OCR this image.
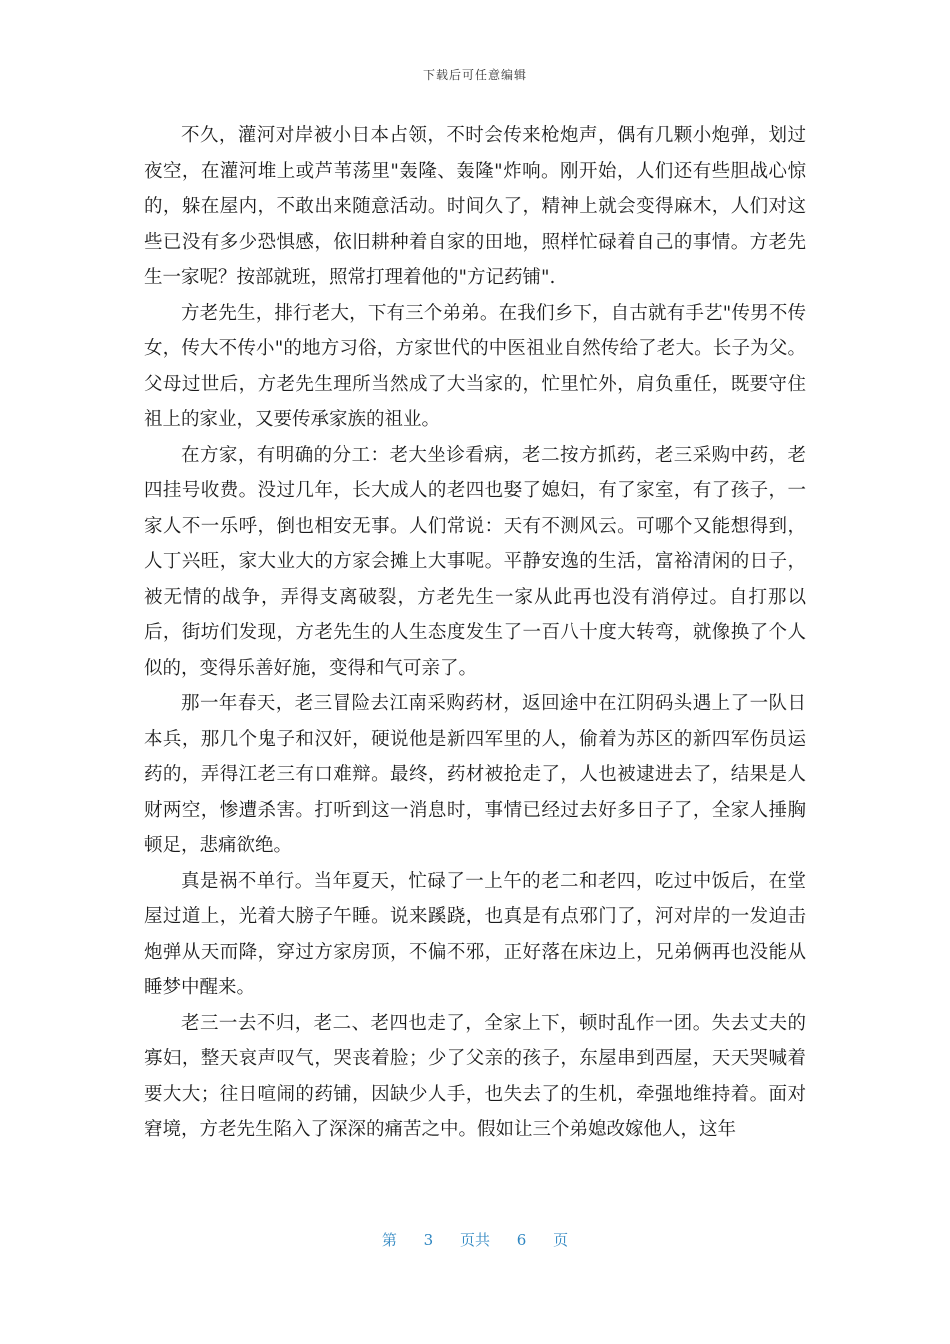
下载后可任意编辑

不久，灌河对岸被小日本占领，不时会传来枪炮声，偶有几颗小炮弹，划过夜空，在灌河堆上或芦苇荡里"轰隆、轰隆"炸响。刚开始，人们还有些胆战心惊的，躲在屋内，不敢出来随意活动。时间久了，精神上就会变得麻木，人们对这些已没有多少恐惧感，依旧耕种着自家的田地，照样忙碌着自己的事情。方老先生一家呢？按部就班，照常打理着他的"方记药铺".

方老先生，排行老大，下有三个弟弟。在我们乡下，自古就有手艺"传男不传女，传大不传小"的地方习俗，方家世代的中医祖业自然传给了老大。长子为父。父母过世后，方老先生理所当然成了大当家的，忙里忙外，肩负重任，既要守住祖上的家业，又要传承家族的祖业。

在方家，有明确的分工：老大坐诊看病，老二按方抓药，老三采购中药，老四挂号收费。没过几年，长大成人的老四也娶了媳妇，有了家室，有了孩子，一家人不一乐呼，倒也相安无事。人们常说：天有不测风云。可哪个又能想得到，人丁兴旺，家大业大的方家会摊上大事呢。平静安逸的生活，富裕清闲的日子，被无情的战争，弄得支离破裂，方老先生一家从此再也没有消停过。自打那以后，街坊们发现，方老先生的人生态度发生了一百八十度大转弯，就像换了个人似的，变得乐善好施，变得和气可亲了。

那一年春天，老三冒险去江南采购药材，返回途中在江阴码头遇上了一队日本兵，那几个鬼子和汉奸，硬说他是新四军里的人，偷着为苏区的新四军伤员运药的，弄得江老三有口难辩。最终，药材被抢走了，人也被逮进去了，结果是人财两空，惨遭杀害。打听到这一消息时，事情已经过去好多日子了，全家人捶胸顿足，悲痛欲绝。

真是祸不单行。当年夏天，忙碌了一上午的老二和老四，吃过中饭后，在堂屋过道上，光着大膀子午睡。说来蹊跷，也真是有点邪门了，河对岸的一发迫击炮弹从天而降，穿过方家房顶，不偏不邪，正好落在床边上，兄弟俩再也没能从睡梦中醒来。

老三一去不归，老二、老四也走了，全家上下，顿时乱作一团。失去丈夫的寡妇，整天哀声叹气，哭丧着脸；少了父亲的孩子，东屋串到西屋，天天哭喊着要大大；往日喧闹的药铺，因缺少人手，也失去了的生机，牵强地维持着。面对窘境，方老先生陷入了深深的痛苦之中。假如让三个弟媳改嫁他人，这年

第 3 页共 6 页
